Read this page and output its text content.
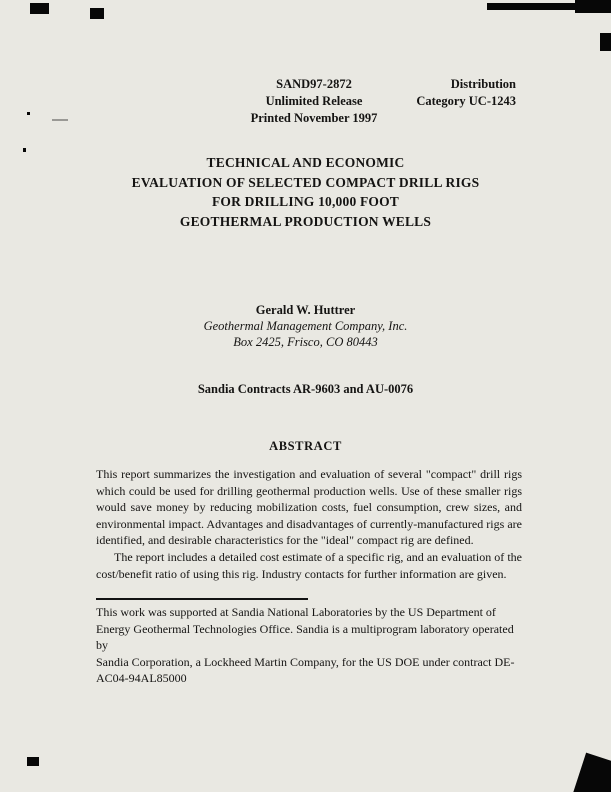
SAND97-2872
Unlimited Release
Printed November 1997
Distribution
Category UC-1243
TECHNICAL AND ECONOMIC
EVALUATION OF SELECTED COMPACT DRILL RIGS
FOR DRILLING 10,000 FOOT
GEOTHERMAL PRODUCTION WELLS
Gerald W. Huttrer
Geothermal Management Company, Inc.
Box 2425, Frisco, CO 80443
Sandia Contracts AR-9603 and AU-0076
ABSTRACT

This report summarizes the investigation and evaluation of several "compact" drill rigs which could be used for drilling geothermal production wells. Use of these smaller rigs would save money by reducing mobilization costs, fuel consumption, crew sizes, and environmental impact. Advantages and disadvantages of currently-manufactured rigs are identified, and desirable characteristics for the "ideal" compact rig are defined.

The report includes a detailed cost estimate of a specific rig, and an evaluation of the cost/benefit ratio of using this rig. Industry contacts for further information are given.

This work was supported at Sandia National Laboratories by the US Department of
Energy Geothermal Technologies Office. Sandia is a multiprogram laboratory operated by
Sandia Corporation, a Lockheed Martin Company, for the US DOE under contract DE-
AC04-94AL85000
